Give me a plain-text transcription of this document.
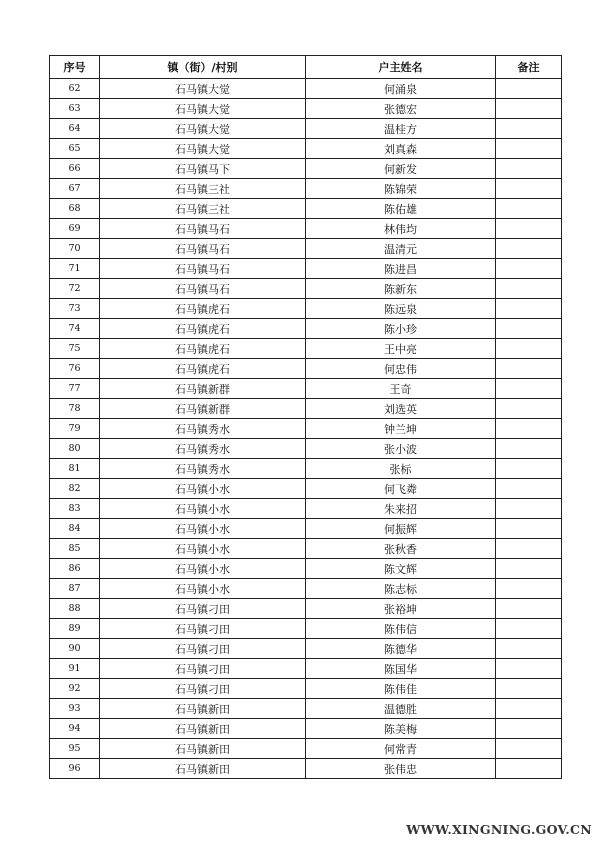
序号	镇（街）/村别	户主姓名	备注
62	石马镇大觉	何涌泉	
63	石马镇大觉	张德宏	
64	石马镇大觉	温桂方	
65	石马镇大觉	刘真森	
66	石马镇马下	何新发	
67	石马镇三社	陈锦荣	
68	石马镇三社	陈佑雄	
69	石马镇马石	林伟均	
70	石马镇马石	温清元	
71	石马镇马石	陈进昌	
72	石马镇马石	陈新东	
73	石马镇虎石	陈远泉	
74	石马镇虎石	陈小珍	
75	石马镇虎石	王中亮	
76	石马镇虎石	何忠伟	
77	石马镇新群	王奇	
78	石马镇新群	刘选英	
79	石马镇秀水	钟兰坤	
80	石马镇秀水	张小波	
81	石马镇秀水	张标	
82	石马镇小水	何飞粦	
83	石马镇小水	朱来招	
84	石马镇小水	何振辉	
85	石马镇小水	张秋香	
86	石马镇小水	陈文辉	
87	石马镇小水	陈志标	
88	石马镇刁田	张裕坤	
89	石马镇刁田	陈伟信	
90	石马镇刁田	陈德华	
91	石马镇刁田	陈国华	
92	石马镇刁田	陈伟佳	
93	石马镇新田	温德胜	
94	石马镇新田	陈美梅	
95	石马镇新田	何常青	
96	石马镇新田	张伟忠	
WWW.XINGNING.GOV.CN
